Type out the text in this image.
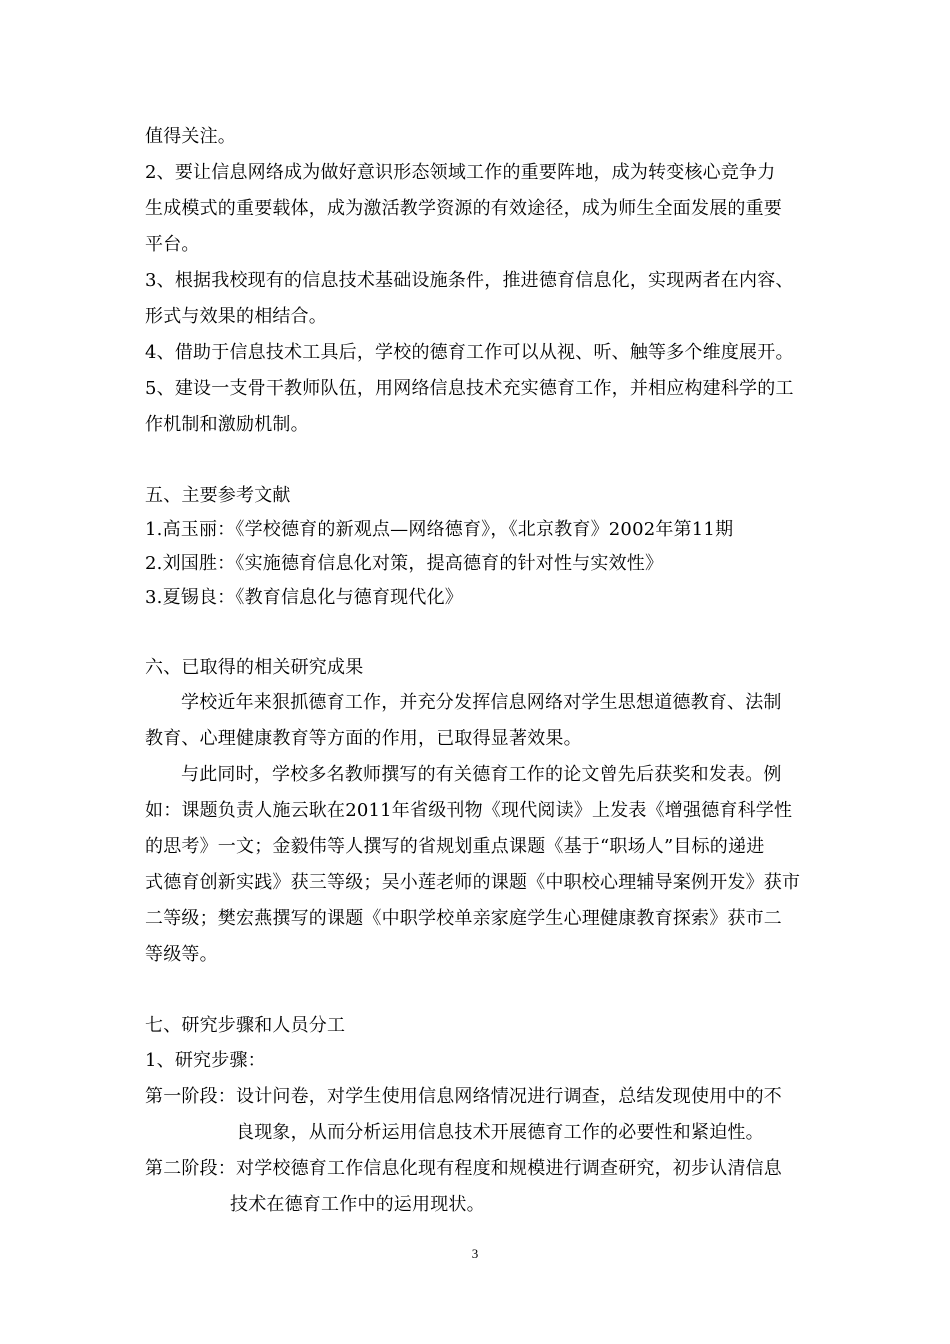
值得关注。
2、要让信息网络成为做好意识形态领域工作的重要阵地，成为转变核心竞争力
生成模式的重要载体，成为激活教学资源的有效途径，成为师生全面发展的重要
平台。
3、根据我校现有的信息技术基础设施条件，推进德育信息化，实现两者在内容、
形式与效果的相结合。
4、借助于信息技术工具后，学校的德育工作可以从视、听、触等多个维度展开。
5、建设一支骨干教师队伍，用网络信息技术充实德育工作，并相应构建科学的工
作机制和激励机制。
五、主要参考文献
1.高玉丽：《学校德育的新观点—网络德育》，《北京教育》2002年第11期
2.刘国胜：《实施德育信息化对策，提高德育的针对性与实效性》
3.夏锡良：《教育信息化与德育现代化》
六、已取得的相关研究成果
学校近年来狠抓德育工作，并充分发挥信息网络对学生思想道德教育、法制
教育、心理健康教育等方面的作用，已取得显著效果。
与此同时，学校多名教师撰写的有关德育工作的论文曾先后获奖和发表。例
如：课题负责人施云耿在2011年省级刊物《现代阅读》上发表《增强德育科学性
的思考》一文；金毅伟等人撰写的省规划重点课题《基于“职场人”目标的递进
式德育创新实践》获三等级；吴小莲老师的课题《中职校心理辅导案例开发》获市
二等级；樊宏燕撰写的课题《中职学校单亲家庭学生心理健康教育探索》获市二
等级等。
七、研究步骤和人员分工
1、研究步骤：
第一阶段：设计问卷，对学生使用信息网络情况进行调查，总结发现使用中的不
良现象，从而分析运用信息技术开展德育工作的必要性和紧迫性。
第二阶段：对学校德育工作信息化现有程度和规模进行调查研究，初步认清信息
技术在德育工作中的运用现状。
3
